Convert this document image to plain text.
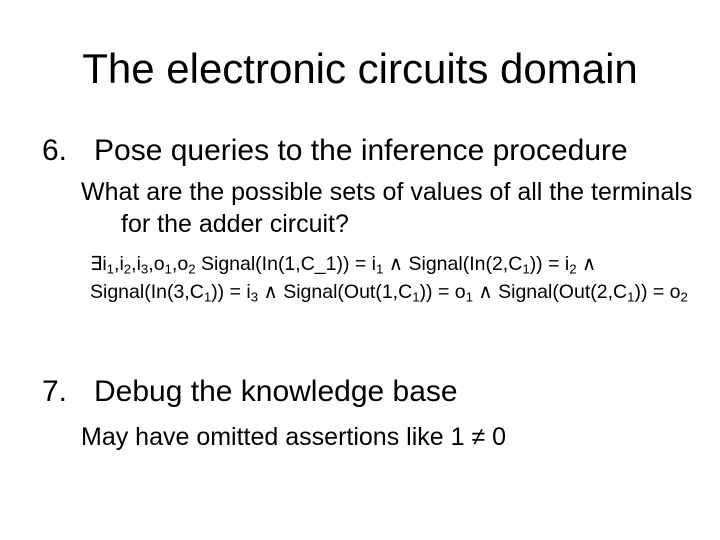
The electronic circuits domain
6. Pose queries to the inference procedure
What are the possible sets of values of all the terminals for the adder circuit?
$\exists i_1,i_2,i_3,o_1,o_2$ Signal(In(1,C_1)) = $i_1$ ∧ $Signal(In(2,C_1)) = i_2$ ∧ $Signal(In(3,C_1)) = i_3$ ∧ $Signal(Out(1,C_1)) = o_1$ ∧ $Signal(Out(2,C_1)) = o_2$
7. Debug the knowledge base
May have omitted assertions like 1 ≠ 0
